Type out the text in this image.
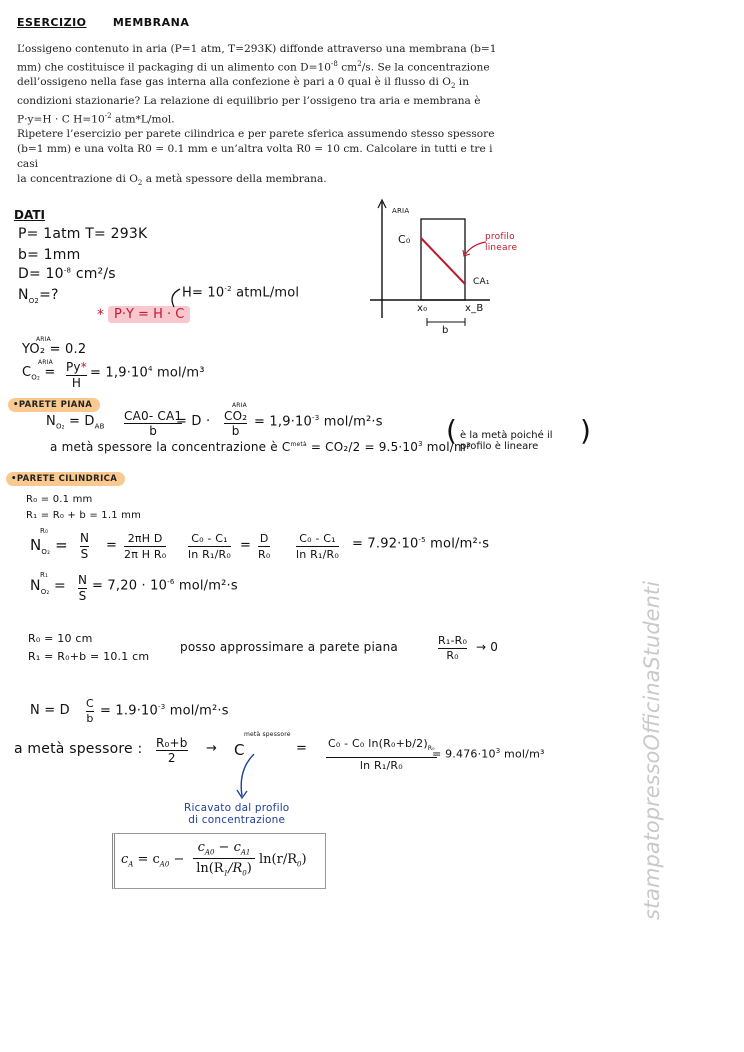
ESERCIZIO MEMBRANA

L’ossigeno contenuto in aria (P=1 atm, T=293K) diffonde attraverso una membrana (b=1

mm) che costituisce il packaging di un alimento con $D=10^{-8}$ $cm^2/s$. Se la concentrazione

dell’ossigeno nella fase gas interna alla confezione è pari a 0 qual è il flusso di $O_2$ in

condizioni stazionarie? La relazione di equilibrio per l’ossigeno tra aria e membrana è

P·y=H · C $H=10^{-2}$ atm*L/mol.

Ripetere l’esercizio per parete cilindrica e per parete sferica assumendo stesso spessore

(b=1 mm) e una volta R0 = 0.1 mm e un’altra volta R0 = 10 cm. Calcolare in tutti e tre i casi

la concentrazione di $O_2$ a metà spessore della membrana.

DATI
P= 1atm T= 293K
b= 1mm
$D= 10^{-8}$ cm²/s
$N_{O2}=$?	$H= 10^{-2}$ atmL/mol
* P·Y = H · C
ARIA
C₀
CA₁
x₀	x_B
b
profilo
lineare
ARIA
YO₂ = 0.2
ARIA
$C_{O_2} = Py*$
H
= $1,9\cdot 10^4$ mol/m³
•PARETE PIANA
$N_{O_2} = D_{AB}$
CA0- CA1
b
= D ·
ARIA
CO₂
b
= $1,9\cdot 10^{-3}$ mol/m²·s
a metà spessore la concentrazione è $C^{metà} = CO_2/2 = 9.5\cdot 10^3$ mol/m³
( è la metà poiché il
profilo è lineare	)
•PARETE CILINDRICA
R₀ = 0.1 mm
R₁ = R₀ + b = 1.1 mm
R₀
$N_{O_2} = N$
S
= 2πH D
2π H R₀
C₀ - C₁
ln R₁/R₀
= D
R₀
C₀ - C₁
ln R₁/R₀
= $7.92\cdot 10^{-5}$ mol/m²·s
R₁
$N_{O_2} = N$
S
= $7,20 \cdot 10^{-6}$ mol/m²·s
R₀ = 10 cm
R₁ = R₀+b = 10.1 cm
posso approssimare a parete piana	R₁-R₀
R₀
→ 0
N = D C
b
= $1.9\cdot 10^{-3}$ mol/m²·s
a metà spessore : R₀+b
2
→ C
metà spessore
= C₀ - C₀ $\ln(R_0+b/2)_{R_0}$
ln R₁/R₀
= $9.476\cdot 10^3$ mol/m³
Ricavato dal profilo
di concentrazione
$c_A = c_{A0} - \frac{c_{A0} - c_{A1}}{\ln(R_1/R_0)} \ln(r/R_0)$	stampatopressoOfficinaStudenti
